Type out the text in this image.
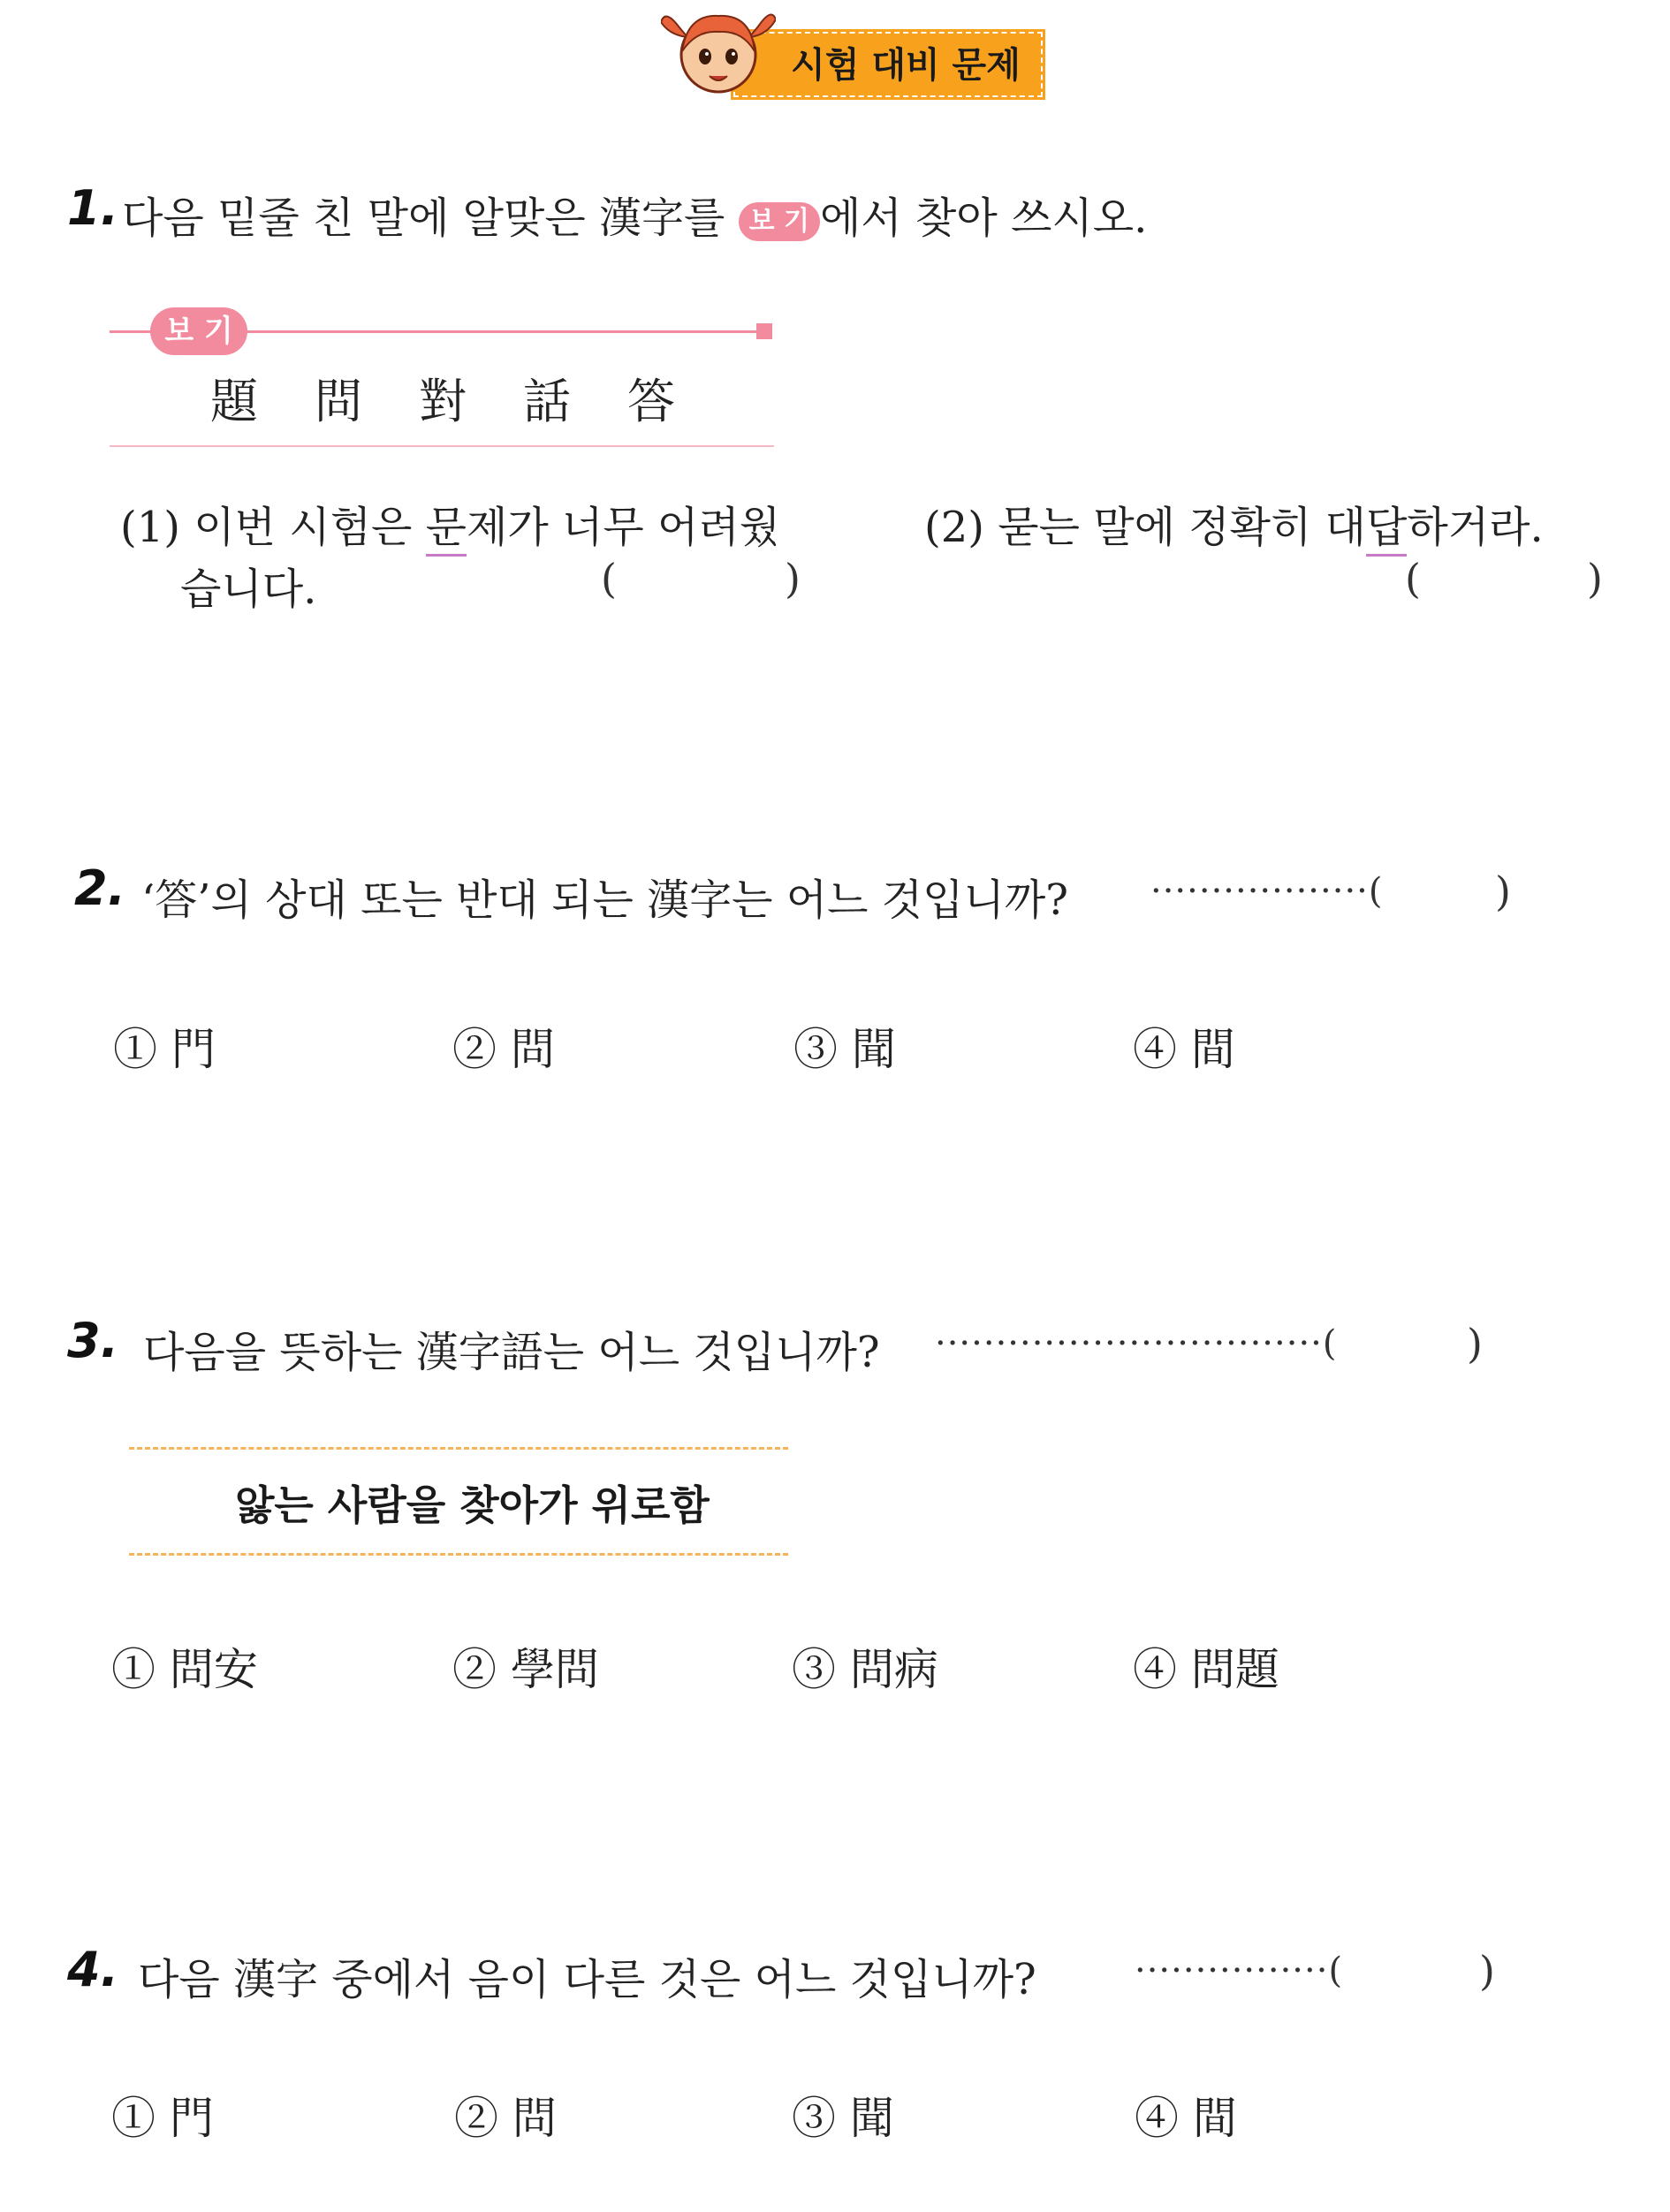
시험 대비 문제
1. 다음 밑줄 친 말에 알맞은 漢字를 보 기 에서 찾아 쓰시오.
보 기
題 問 對 話 答
(1) 이번 시험은 문제가 너무 어려웠
습니다.	(	)
(2) 묻는 말에 정확히 대답하거라.
(	)
2. ‘答’의 상대 또는 반대 되는 漢字는 어느 것입니까? ··················(	)
① 門	② 問	③ 聞	④ 間
3. 다음을 뜻하는 漢字語는 어느 것입니까? ································(	)
앓는 사람을 찾아가 위로함
① 問安	② 學問	③ 問病	④ 問題
4. 다음 漢字 중에서 음이 다른 것은 어느 것입니까?	················(	)
① 門	② 問	③ 聞	④ 間
